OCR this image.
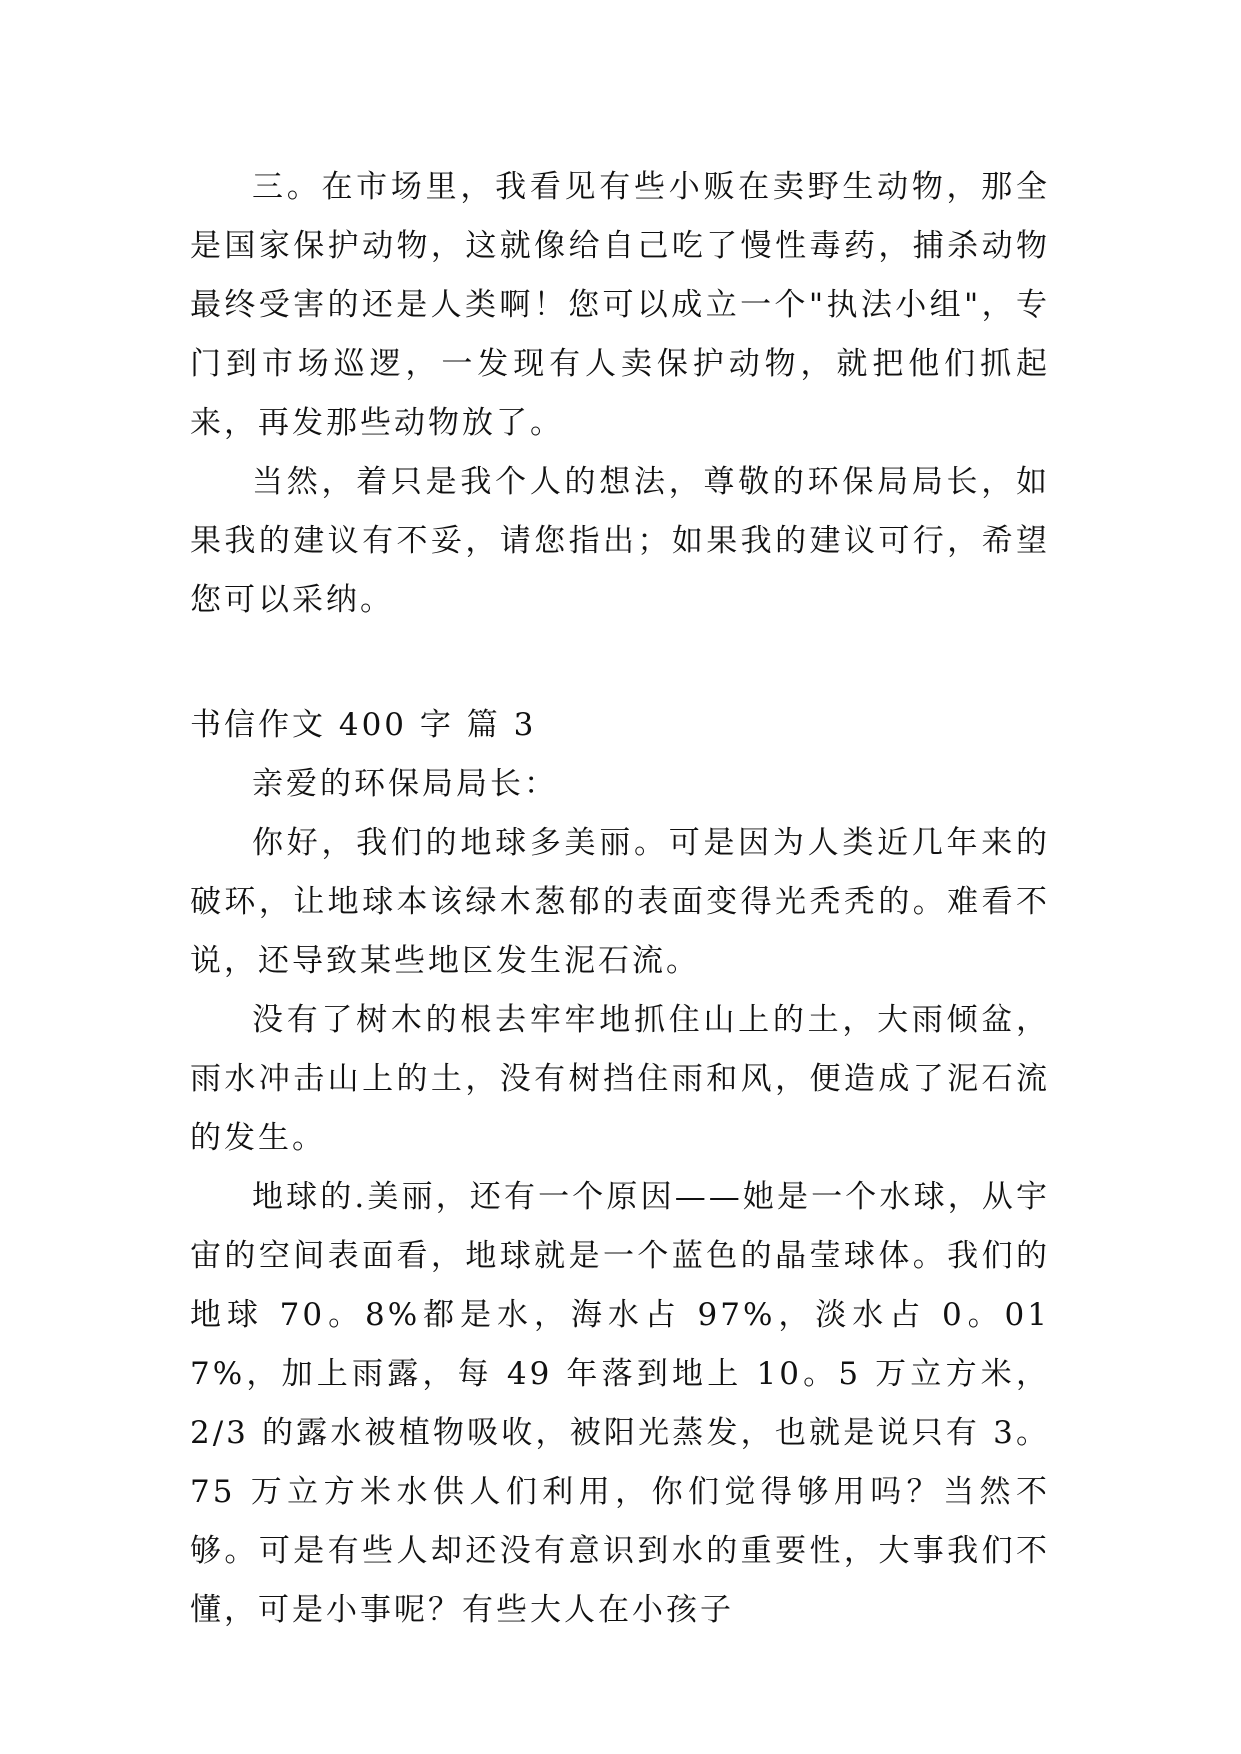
三。在市场里，我看见有些小贩在卖野生动物，那全是国家保护动物，这就像给自己吃了慢性毒药，捕杀动物最终受害的还是人类啊！您可以成立一个"执法小组"，专门到市场巡逻，一发现有人卖保护动物，就把他们抓起来，再发那些动物放了。

当然，着只是我个人的想法，尊敬的环保局局长，如果我的建议有不妥，请您指出；如果我的建议可行，希望您可以采纳。

书信作文 400 字 篇 3

亲爱的环保局局长：

你好，我们的地球多美丽。可是因为人类近几年来的破环，让地球本该绿木葱郁的表面变得光秃秃的。难看不说，还导致某些地区发生泥石流。

没有了树木的根去牢牢地抓住山上的土，大雨倾盆，雨水冲击山上的土，没有树挡住雨和风，便造成了泥石流的发生。

地球的.美丽，还有一个原因——她是一个水球，从宇宙的空间表面看，地球就是一个蓝色的晶莹球体。我们的地球 70。8%都是水，海水占 97%，淡水占 0。017%，加上雨露，每 49 年落到地上 10。5 万立方米，2/3 的露水被植物吸收，被阳光蒸发，也就是说只有 3。75 万立方米水供人们利用，你们觉得够用吗？当然不够。可是有些人却还没有意识到水的重要性，大事我们不懂，可是小事呢？有些大人在小孩子
